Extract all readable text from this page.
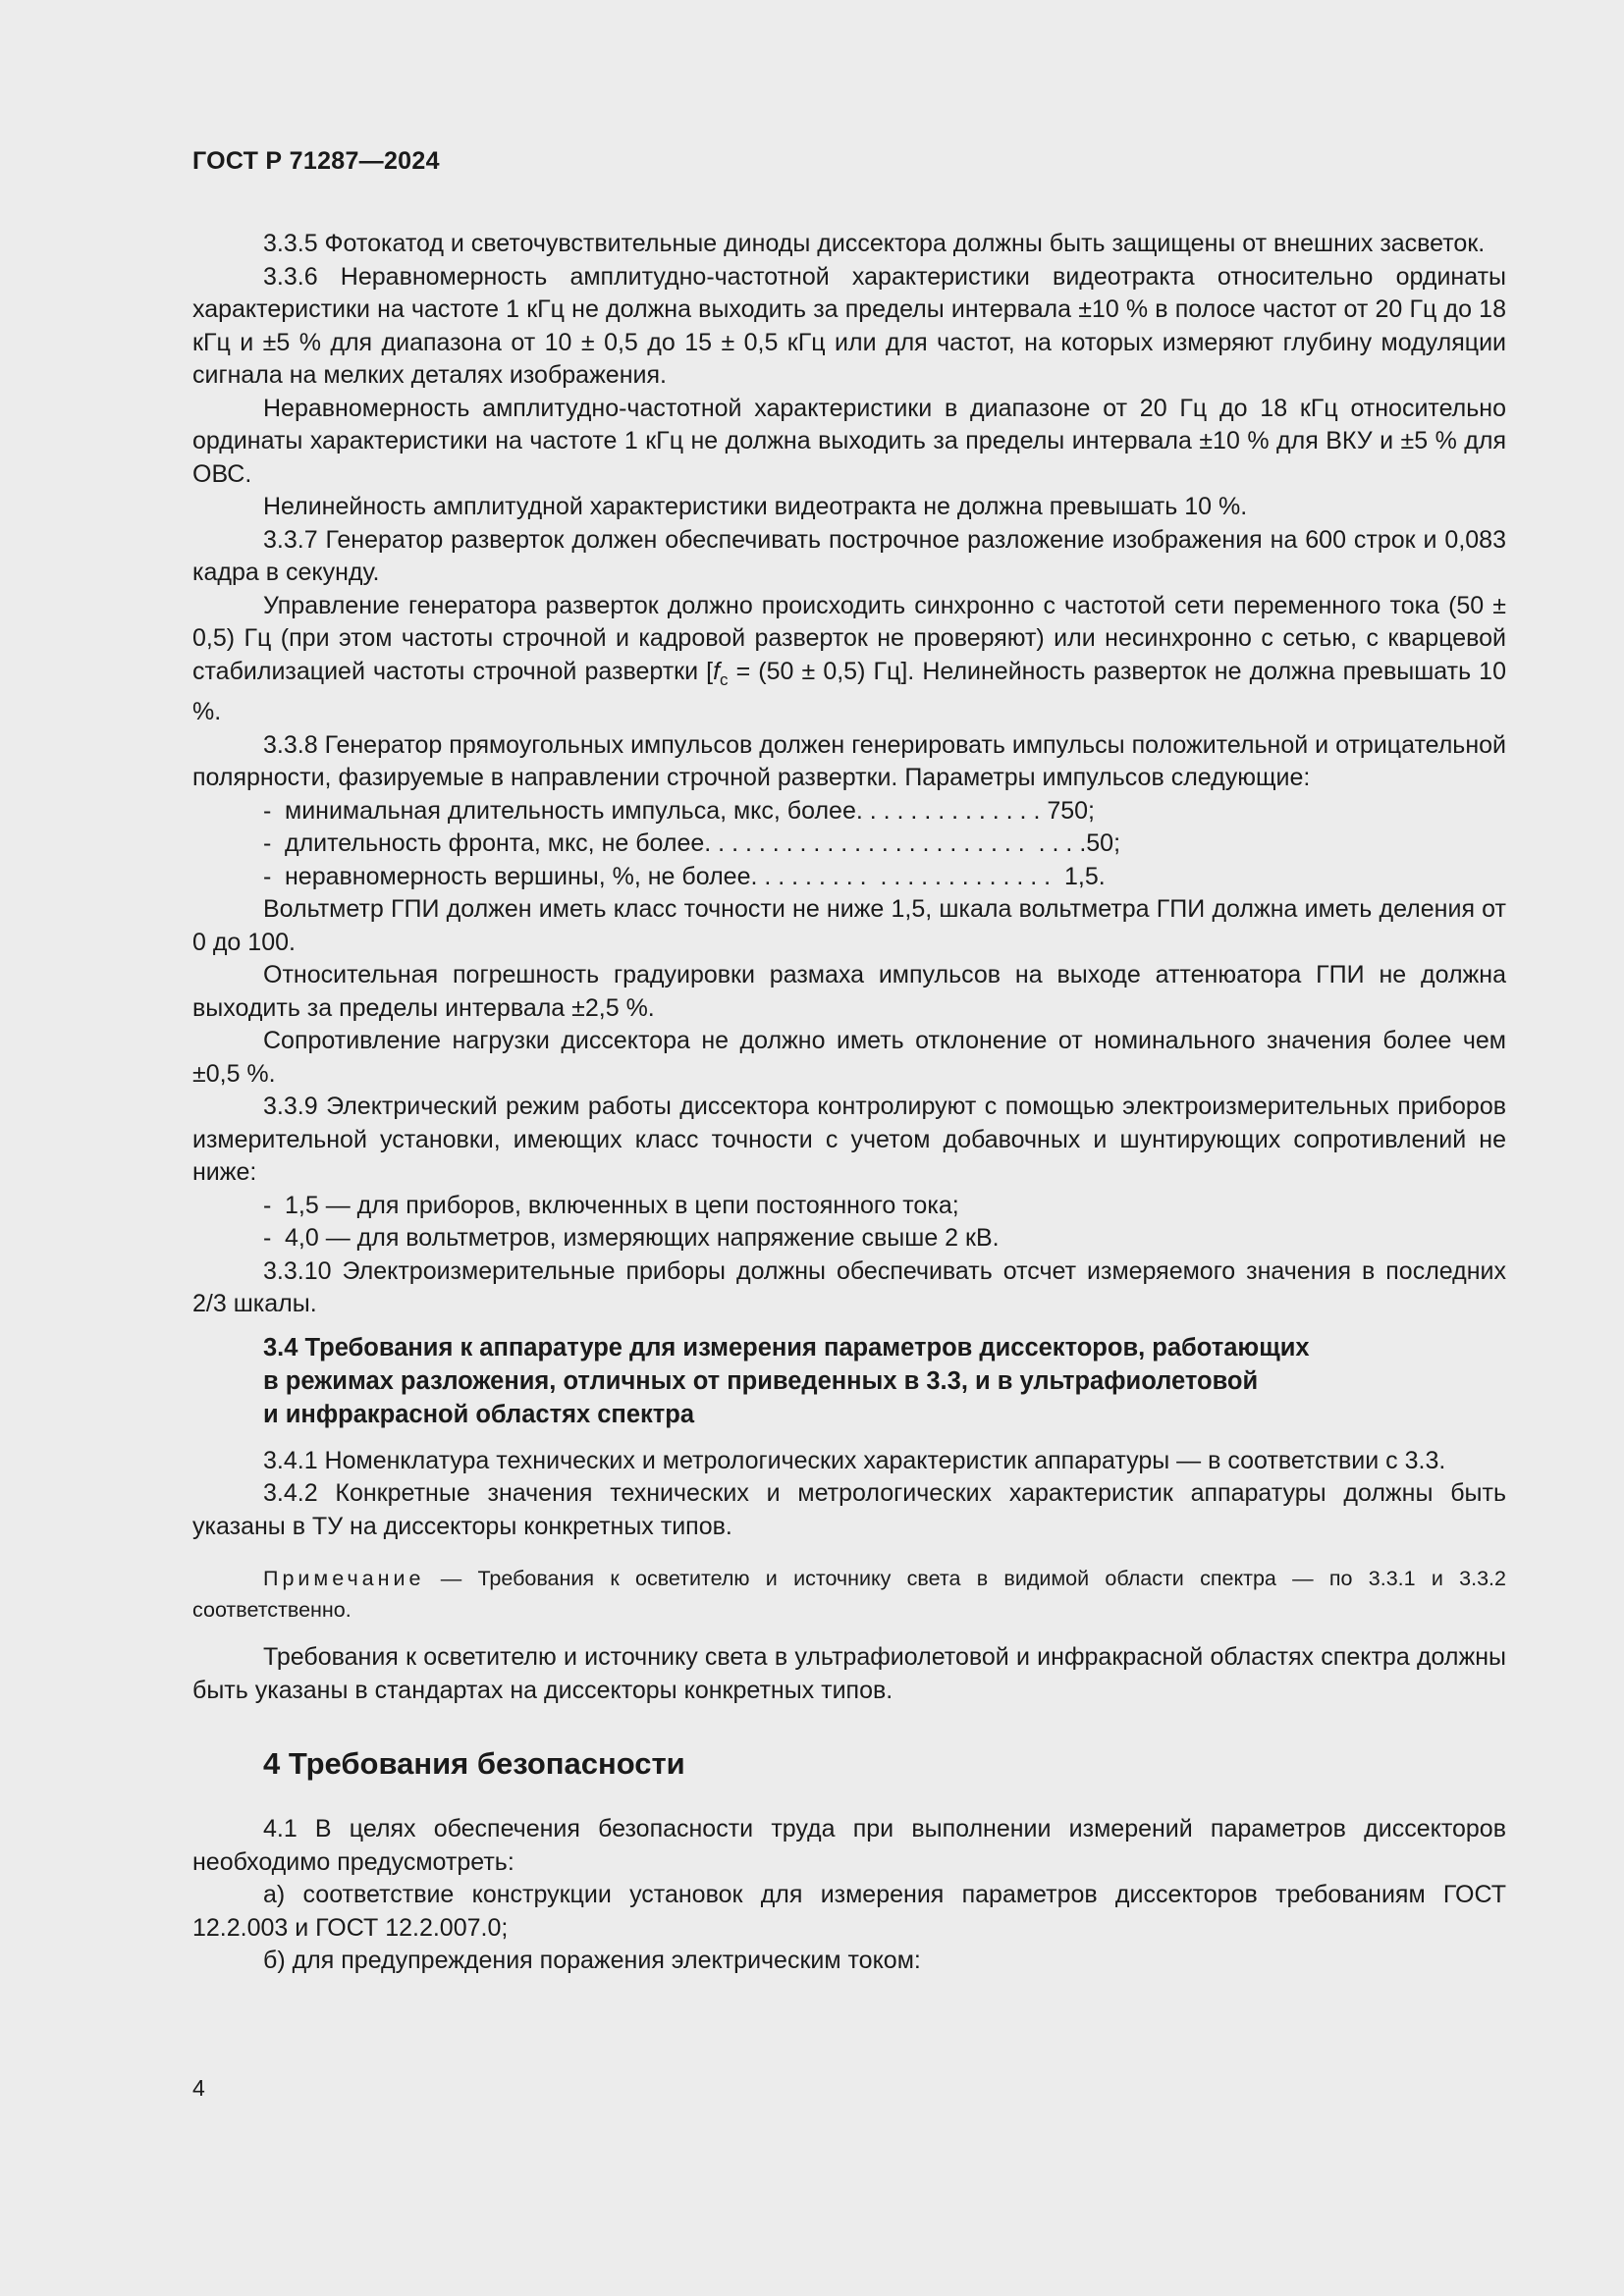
ГОСТ Р 71287—2024

3.3.5 Фотокатод и светочувствительные диноды диссектора должны быть защищены от внешних засветок.

3.3.6 Неравномерность амплитудно-частотной характеристики видеотракта относительно ординаты характеристики на частоте 1 кГц не должна выходить за пределы интервала ±10 % в полосе частот от 20 Гц до 18 кГц и ±5 % для диапазона от 10 ± 0,5 до 15 ± 0,5 кГц или для частот, на которых измеряют глубину модуляции сигнала на мелких деталях изображения.

Неравномерность амплитудно-частотной характеристики в диапазоне от 20 Гц до 18 кГц относительно ординаты характеристики на частоте 1 кГц не должна выходить за пределы интервала ±10 % для ВКУ и ±5 % для ОВС.

Нелинейность амплитудной характеристики видеотракта не должна превышать 10 %.

3.3.7 Генератор разверток должен обеспечивать построчное разложение изображения на 600 строк и 0,083 кадра в секунду.

Управление генератора разверток должно происходить синхронно с частотой сети переменного тока (50 ± 0,5) Гц (при этом частоты строчной и кадровой разверток не проверяют) или несинхронно с сетью, с кварцевой стабилизацией частоты строчной развертки [$f_c = (50 \pm 0,5)$ Гц]. Нелинейность разверток не должна превышать 10 %.

3.3.8 Генератор прямоугольных импульсов должен генерировать импульсы положительной и отрицательной полярности, фазируемые в направлении строчной развертки. Параметры импульсов следующие:

- минимальная длительность импульса, мкс, более. . . . . . . . . . . . . . 750;
- длительность фронта, мкс, не более. . . . . . . . . . . . . . . . . . . . . . . .  . . . .50;
- неравномерность вершины, %, не более. . . . . . . . .  . . . . . . . . . . . . .  1,5.

Вольтметр ГПИ должен иметь класс точности не ниже 1,5, шкала вольтметра ГПИ должна иметь деления от 0 до 100.

Относительная погрешность градуировки размаха импульсов на выходе аттенюатора ГПИ не должна выходить за пределы интервала ±2,5 %.

Сопротивление нагрузки диссектора не должно иметь отклонение от номинального значения более чем ±0,5 %.

3.3.9 Электрический режим работы диссектора контролируют с помощью электроизмерительных приборов измерительной установки, имеющих класс точности с учетом добавочных и шунтирующих сопротивлений не ниже:

- 1,5 — для приборов, включенных в цепи постоянного тока;
- 4,0 — для вольтметров, измеряющих напряжение свыше 2 кВ.

3.3.10 Электроизмерительные приборы должны обеспечивать отсчет измеряемого значения в последних 2/3 шкалы.

3.4 Требования к аппаратуре для измерения параметров диссекторов, работающих
в режимах разложения, отличных от приведенных в 3.3, и в ультрафиолетовой
и инфракрасной областях спектра

3.4.1 Номенклатура технических и метрологических характеристик аппаратуры — в соответствии с 3.3.

3.4.2 Конкретные значения технических и метрологических характеристик аппаратуры должны быть указаны в ТУ на диссекторы конкретных типов.

Примечание — Требования к осветителю и источнику света в видимой области спектра — по 3.3.1 и 3.3.2 соответственно.

Требования к осветителю и источнику света в ультрафиолетовой и инфракрасной областях спектра должны быть указаны в стандартах на диссекторы конкретных типов.

4 Требования безопасности

4.1 В целях обеспечения безопасности труда при выполнении измерений параметров диссекторов необходимо предусмотреть:

а) соответствие конструкции установок для измерения параметров диссекторов требованиям ГОСТ 12.2.003 и ГОСТ 12.2.007.0;

б) для предупреждения поражения электрическим током:

4
